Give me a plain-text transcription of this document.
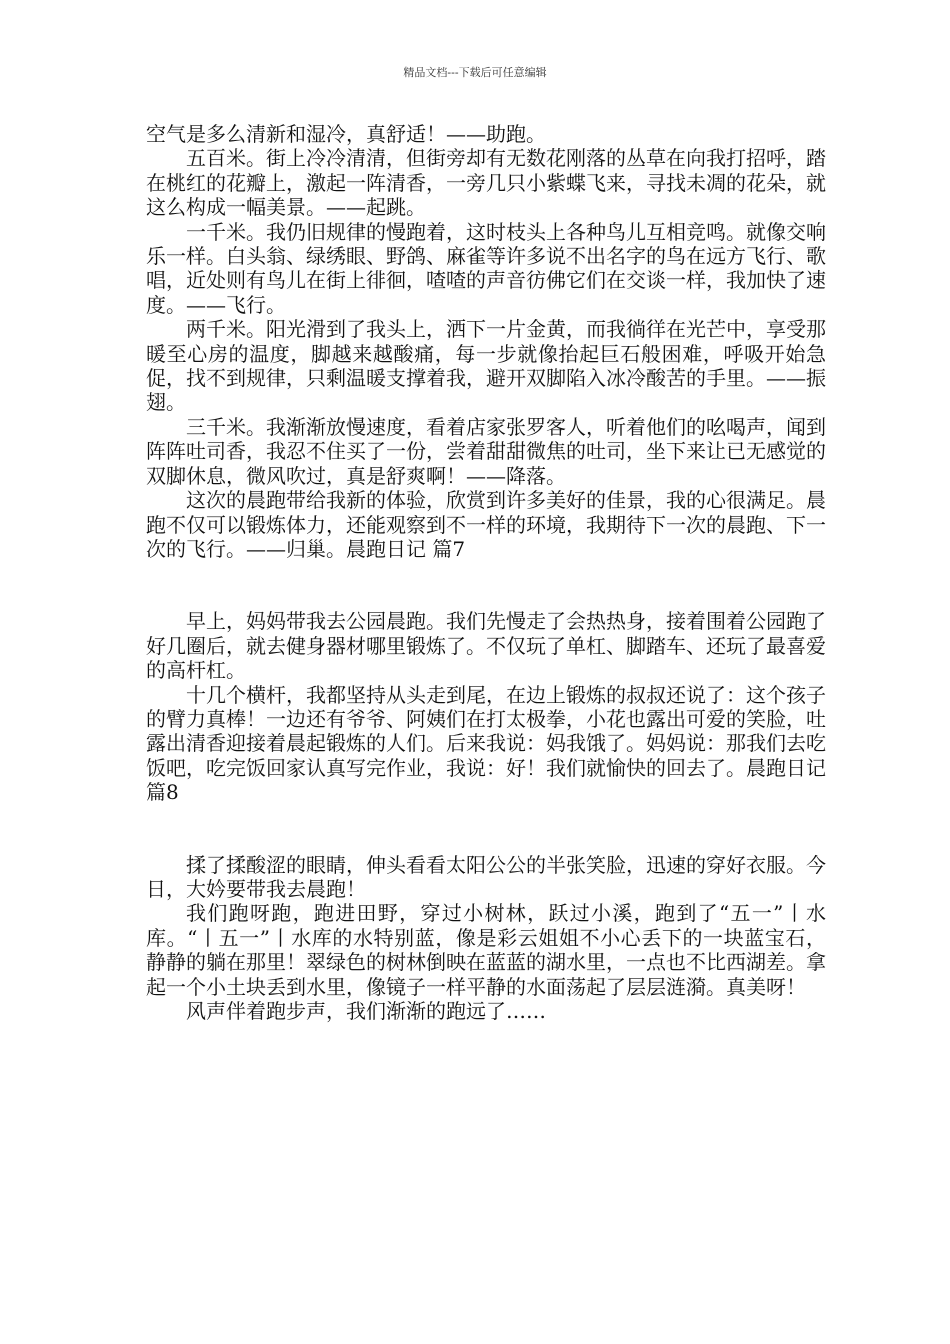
精品文档---下载后可任意编辑

空气是多么清新和湿冷，真舒适！——助跑。

五百米。街上冷冷清清，但街旁却有无数花刚落的丛草在向我打招呼，踏在桃红的花瓣上，激起一阵清香，一旁几只小紫蝶飞来，寻找未凋的花朵，就这么构成一幅美景。——起跳。

一千米。我仍旧规律的慢跑着，这时枝头上各种鸟儿互相竞鸣。就像交响乐一样。白头翁、绿绣眼、野鸽、麻雀等许多说不出名字的鸟在远方飞行、歌唱，近处则有鸟儿在街上徘徊，喳喳的声音彷佛它们在交谈一样，我加快了速度。——飞行。

两千米。阳光滑到了我头上，洒下一片金黄，而我徜徉在光芒中，享受那暖至心房的温度，脚越来越酸痛，每一步就像抬起巨石般困难，呼吸开始急促，找不到规律，只剩温暖支撑着我，避开双脚陷入冰冷酸苦的手里。——振翅。

三千米。我渐渐放慢速度，看着店家张罗客人，听着他们的吆喝声，闻到阵阵吐司香，我忍不住买了一份，尝着甜甜微焦的吐司，坐下来让已无感觉的双脚休息，微风吹过，真是舒爽啊！——降落。

这次的晨跑带给我新的体验，欣赏到许多美好的佳景，我的心很满足。晨跑不仅可以锻炼体力，还能观察到不一样的环境，我期待下一次的晨跑、下一次的飞行。——归巢。晨跑日记 篇7

早上，妈妈带我去公园晨跑。我们先慢走了会热热身，接着围着公园跑了好几圈后，就去健身器材哪里锻炼了。不仅玩了单杠、脚踏车、还玩了最喜爱的高杆杠。

十几个横杆，我都坚持从头走到尾，在边上锻炼的叔叔还说了：这个孩子的臂力真棒！一边还有爷爷、阿姨们在打太极拳，小花也露出可爱的笑脸，吐露出清香迎接着晨起锻炼的人们。后来我说：妈我饿了。妈妈说：那我们去吃饭吧，吃完饭回家认真写完作业，我说：好！我们就愉快的回去了。晨跑日记 篇8

揉了揉酸涩的眼睛，伸头看看太阳公公的半张笑脸，迅速的穿好衣服。今日，大妗要带我去晨跑！

我们跑呀跑，跑进田野，穿过小树林，跃过小溪，跑到了“五一”丨水库。“丨五一”丨水库的水特别蓝，像是彩云姐姐不小心丢下的一块蓝宝石，静静的躺在那里！翠绿色的树林倒映在蓝蓝的湖水里，一点也不比西湖差。拿起一个小土块丢到水里，像镜子一样平静的水面荡起了层层涟漪。真美呀！

风声伴着跑步声，我们渐渐的跑远了……
